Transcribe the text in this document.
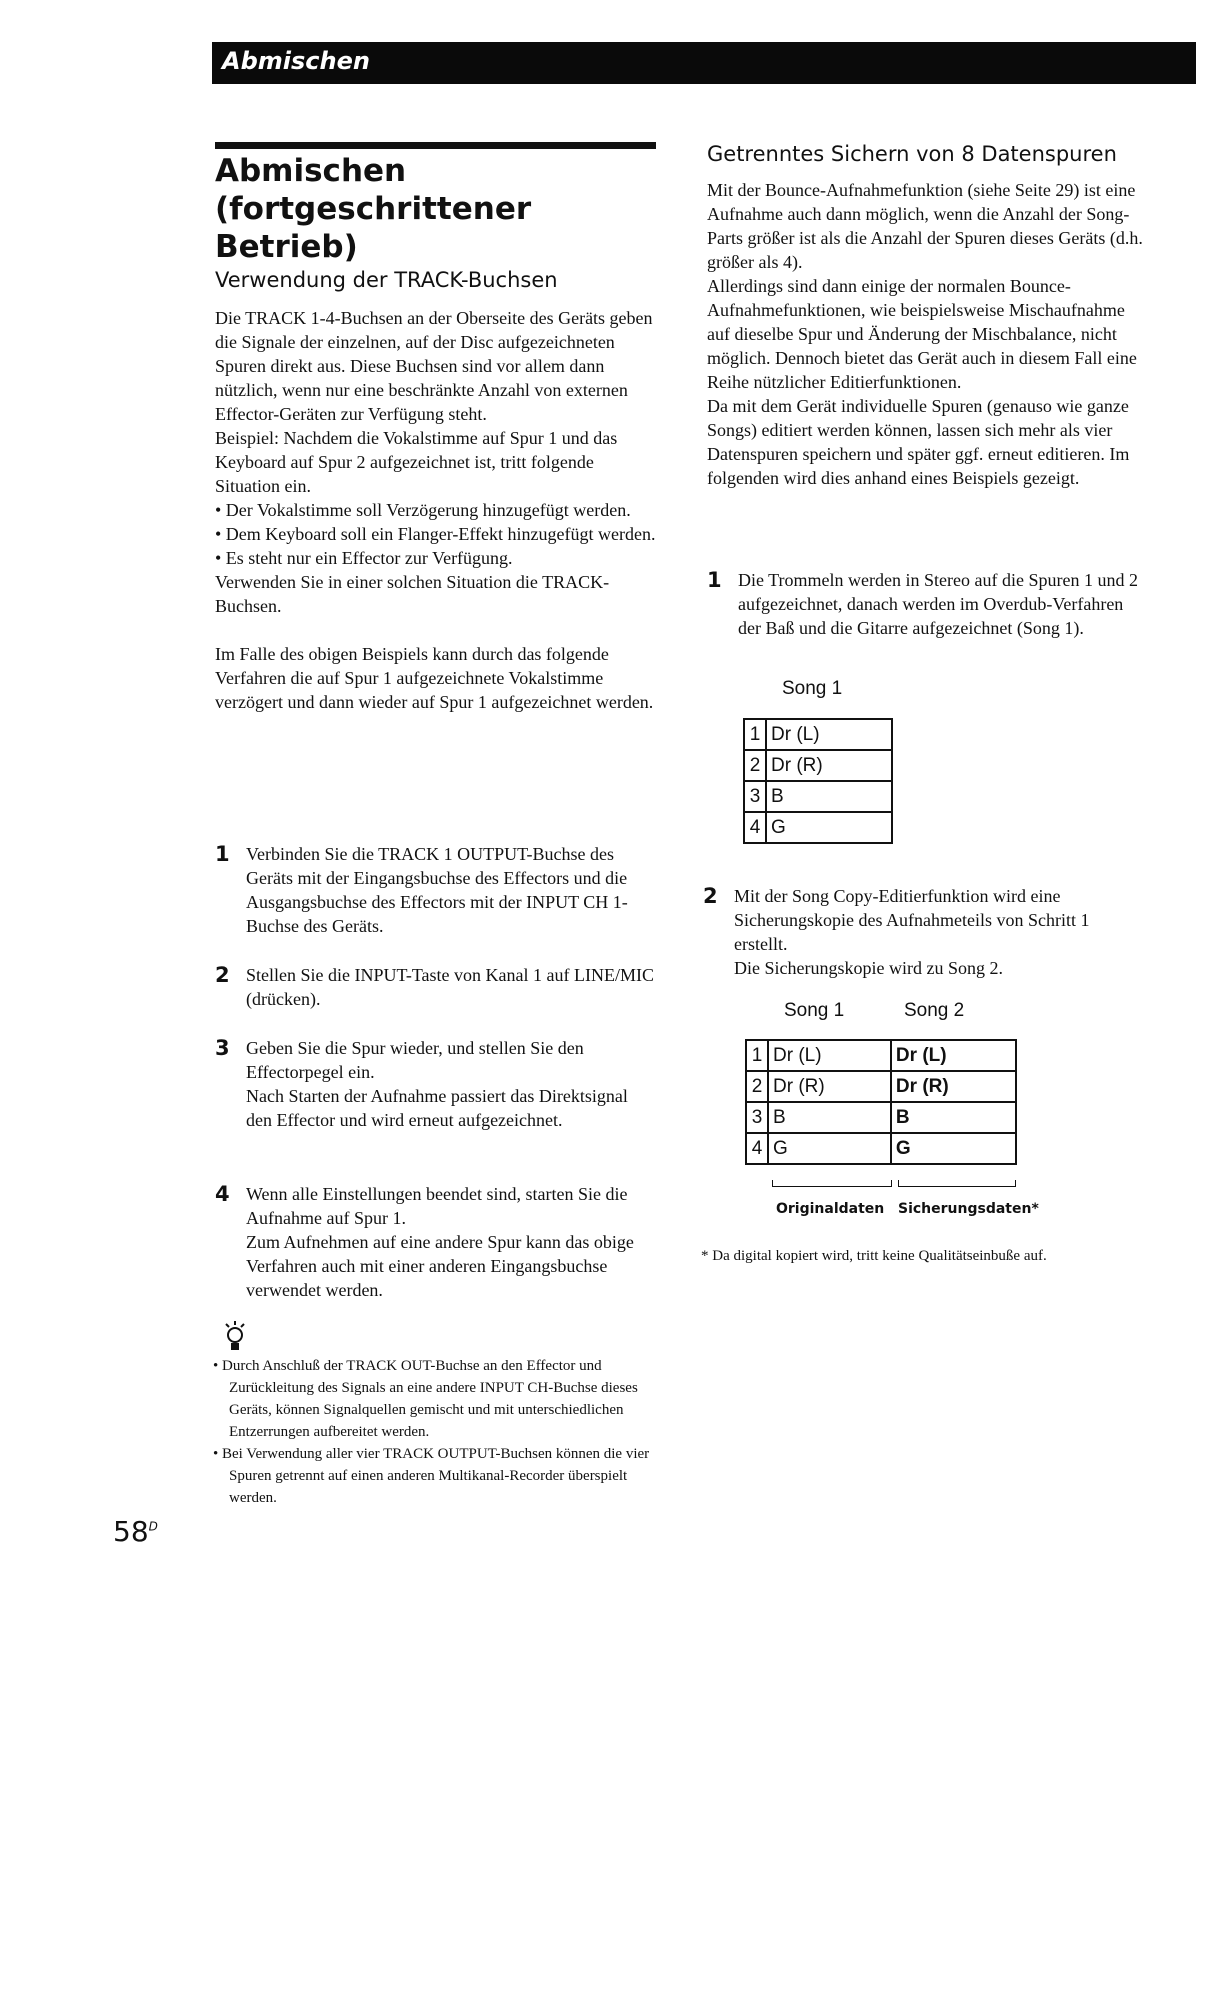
Abmischen
Abmischen (fortgeschrittener Betrieb)
Verwendung der TRACK-Buchsen

Die TRACK 1-4-Buchsen an der Oberseite des Geräts geben die Signale der einzelnen, auf der Disc aufgezeichneten Spuren direkt aus. Diese Buchsen sind vor allem dann nützlich, wenn nur eine beschränkte Anzahl von externen Effector-Geräten zur Verfügung steht.

Beispiel: Nachdem die Vokalstimme auf Spur 1 und das Keyboard auf Spur 2 aufgezeichnet ist, tritt folgende Situation ein.

• Der Vokalstimme soll Verzögerung hinzugefügt werden.

• Dem Keyboard soll ein Flanger-Effekt hinzugefügt werden.

• Es steht nur ein Effector zur Verfügung.

Verwenden Sie in einer solchen Situation die TRACK-Buchsen.

Im Falle des obigen Beispiels kann durch das folgende Verfahren die auf Spur 1 aufgezeichnete Vokalstimme verzögert und dann wieder auf Spur 1 aufgezeichnet werden.

1 Verbinden Sie die TRACK 1 OUTPUT-Buchse des Geräts mit der Eingangsbuchse des Effectors und die Ausgangsbuchse des Effectors mit der INPUT CH 1-Buchse des Geräts.
2 Stellen Sie die INPUT-Taste von Kanal 1 auf LINE/MIC (drücken).
3 Geben Sie die Spur wieder, und stellen Sie den Effectorpegel ein.
Nach Starten der Aufnahme passiert das Direktsignal den Effector und wird erneut aufgezeichnet.
4 Wenn alle Einstellungen beendet sind, starten Sie die Aufnahme auf Spur 1.
Zum Aufnehmen auf eine andere Spur kann das obige Verfahren auch mit einer anderen Eingangsbuchse verwendet werden.
• Durch Anschluß der TRACK OUT-Buchse an den Effector und Zurückleitung des Signals an eine andere INPUT CH-Buchse dieses Geräts, können Signalquellen gemischt und mit unterschiedlichen Entzerrungen aufbereitet werden.
• Bei Verwendung aller vier TRACK OUTPUT-Buchsen können die vier Spuren getrennt auf einen anderen Multikanal-Recorder überspielt werden.
$58^D$
Getrenntes Sichern von 8 Datenspuren

Mit der Bounce-Aufnahmefunktion (siehe Seite 29) ist eine Aufnahme auch dann möglich, wenn die Anzahl der Song-Parts größer ist als die Anzahl der Spuren dieses Geräts (d.h. größer als 4).

Allerdings sind dann einige der normalen Bounce-Aufnahmefunktionen, wie beispielsweise Mischaufnahme auf dieselbe Spur und Änderung der Mischbalance, nicht möglich. Dennoch bietet das Gerät auch in diesem Fall eine Reihe nützlicher Editierfunktionen.

Da mit dem Gerät individuelle Spuren (genauso wie ganze Songs) editiert werden können, lassen sich mehr als vier Datenspuren speichern und später ggf. erneut editieren. Im folgenden wird dies anhand eines Beispiels gezeigt.

1 Die Trommeln werden in Stereo auf die Spuren 1 und 2 aufgezeichnet, danach werden im Overdub-Verfahren der Baß und die Gitarre aufgezeichnet (Song 1).
Song 1
1	Dr (L)
2	Dr (R)
3	B
4	G
2 Mit der Song Copy-Editierfunktion wird eine Sicherungskopie des Aufnahmeteils von Schritt 1 erstellt.
Die Sicherungskopie wird zu Song 2.
Song 1	Song 2
1	Dr (L)	Dr (L)
2	Dr (R)	Dr (R)
3	B	B
4	G	G
Originaldaten Sicherungsdaten*
* Da digital kopiert wird, tritt keine Qualitätseinbuße auf.
